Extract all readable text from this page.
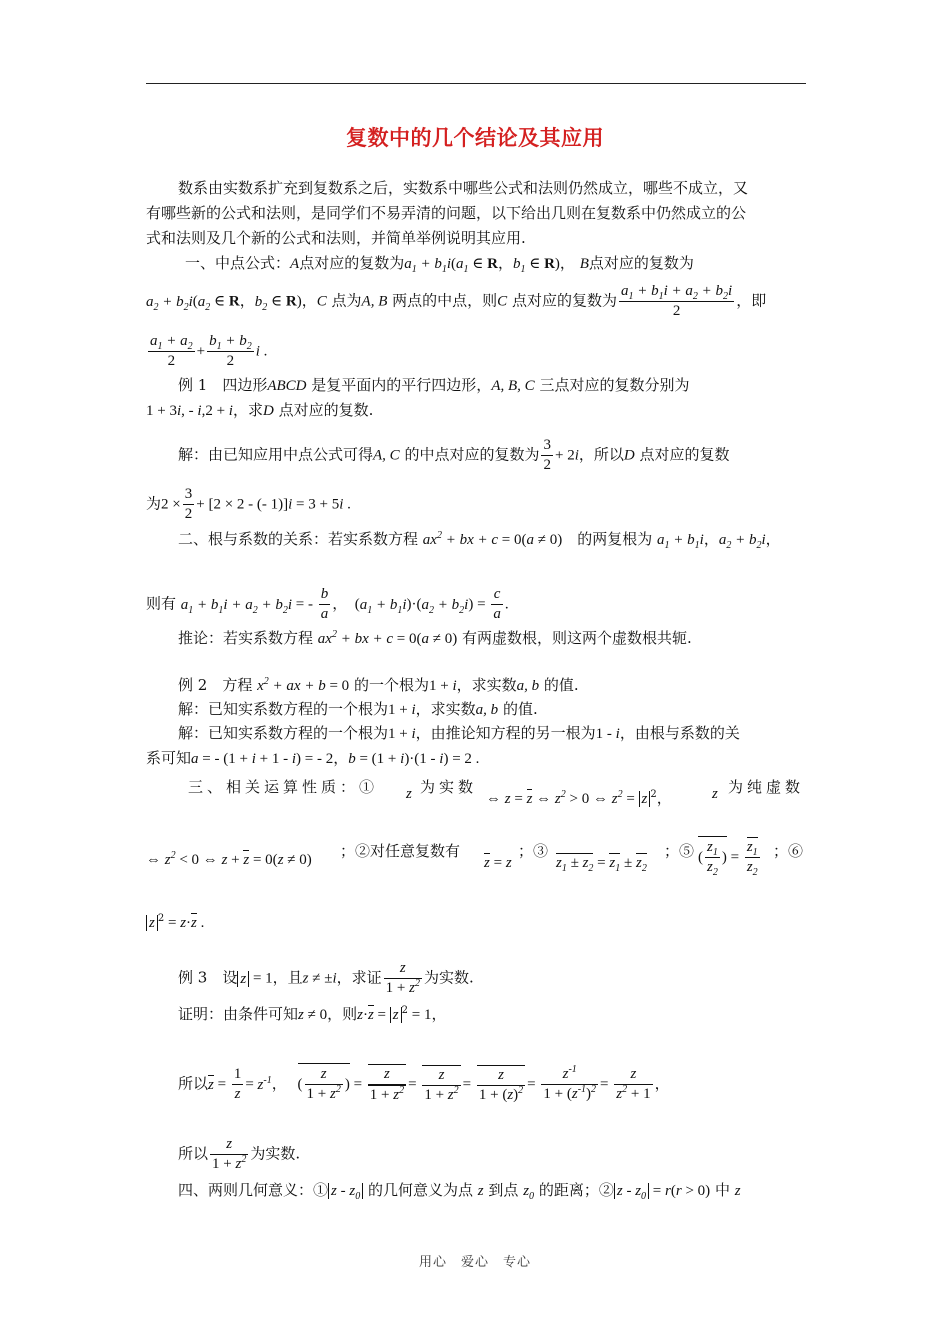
复数中的几个结论及其应用
数系由实数系扩充到复数系之后，实数系中哪些公式和法则仍然成立，哪些不成立，又
有哪些新的公式和法则，是同学们不易弄清的问题，以下给出几则在复数系中仍然成立的公
式和法则及几个新的公式和法则，并简单举例说明其应用.
一、中点公式：A点对应的复数为$a_1 + b_1i(a_1$ ∈ R，$b_1$ ∈ R)， B点对应的复数为
$a_2 + b_2i(a_2$ ∈ R，$b_2$ ∈ R)，C 点为A, B 两点的中点，则C 点对应的复数为 $\frac{a_1 + b_1i + a_2 + b_2i}{2}$ ，即
$\frac{a_1 + a_2}{2} + \frac{b_1 + b_2}{2}$ i .
例 1　 四边形ABCD 是复平面内的平行四边形，A, B, C 三点对应的复数分别为
1 + 3i, - i,2 + i，求D 点对应的复数.
解：由已知应用中点公式可得A, C 的中点对应的复数为 $\frac{3}{2} + 2i$，所以D 点对应的复数
为$2 \times \frac{3}{2} + [2 \times 2$ - (- 1)]i = 3 + 5i .
二、根与系数的关系：若实系数方程 $ax^2$ + bx + c = 0(a ≠ 0)　 的两复根为 $a_1 + b_1i$，$a_2 + b_2i$，
则有 $a_1 + b_1i + a_2 + b_2i$ = - $\frac{b}{a}$ ，　$(a_1 + b_1i)\cdot(a_2 + b_2i) = \frac{c}{a}$ .
推论：若实系数方程 $ax^2$ + bx + c = 0(a ≠ 0) 有两虚数根，则这两个虚数根共轭.
例 2　 方程 $x^2$ + ax + b = 0 的一个根为1 + i，求实数a, b 的值.
解：已知实系数方程的一个根为1 + i，求实数a, b 的值.
解：已知实系数方程的一个根为1 + i，由推论知方程的另一根为1 - i，由根与系数的关
系可知a = - (1 + i + 1 - i) = - 2，b = (1 + i)·(1 - i) = 2 .
三、相关运算性质：① z 为实数
⇔ z = z ⇔ $z^2 > 0$ ⇔ $z^2 = z$ $^2$，	z 为纯虚数
⇔ $z^2 < 0$ ⇔ z + z = 0(z ≠ 0) ；②对任意复数有
z = z
；③
$z_1 \pm z_2 = z_1 \pm z_2$
；⑤ ( $\frac{z_1}{z_2}$ ) = $\frac{z_1}{z_2}$ ；⑥
z $^2$ = z·z .
例 3　 设 z = 1，且z ≠ ±i，求证 $\frac{z}{1 + z^2}$ 为实数.
证明：由条件可知z ≠ 0，则z·z = z $^2$ = 1，
所以$z = \frac{1}{z} = z^{-1}$， ( $\frac{z}{1 + z^2}$ ) = $\frac{z}{1 + z^2} = \frac{z}{1 + z^2} = \frac{z}{1 + (z)^2} = \frac{z^{-1}}{1 + (z^{-1})^2} = \frac{z}{z^2 + 1}$ ，
所以 $\frac{z}{1 + z^2}$ 为实数.
四、两则几何意义：① z - $z_0$ 的几何意义为点 z 到点 $z_0$ 的距离；② $z - z_0 = r(r > 0)$ 中 z
用心　爱心　专心
